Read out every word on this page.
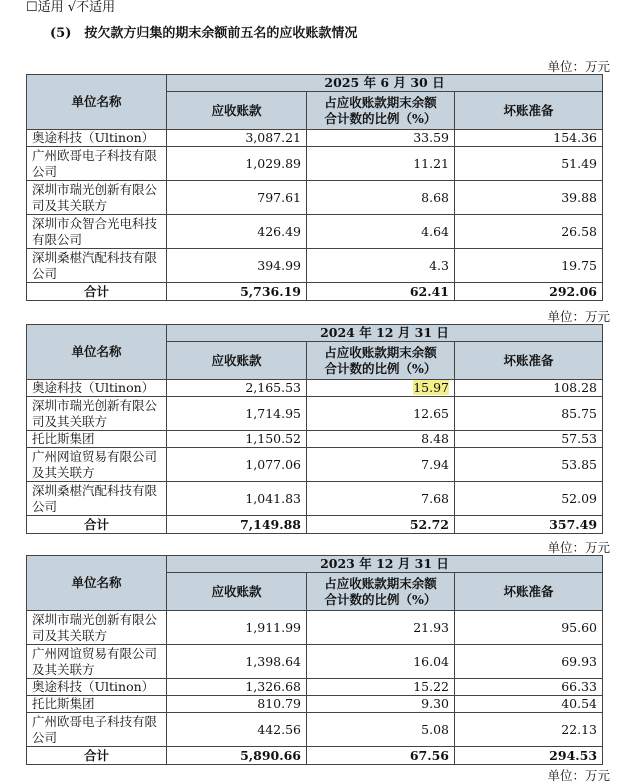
☐适用 √不适用
(5) 按欠款方归集的期末余额前五名的应收账款情况
单位：万元
单位名称	2025 年 6 月 30 日		
	应收账款	占应收账款期末余额
合计数的比例（%）	坏账准备
奥途科技（Ultinon）	3,087.21	33.59	154.36
广州欧哥电子科技有限公司	1,029.89	11.21	51.49
深圳市瑞光创新有限公司及其关联方	797.61	8.68	39.88
深圳市众智合光电科技有限公司	426.49	4.64	26.58
深圳桑椹汽配科技有限公司	394.99	4.3	19.75
合计	5,736.19	62.41	292.06
单位：万元
单位名称	2024 年 12 月 31 日		
	应收账款	占应收账款期末余额
合计数的比例（%）	坏账准备
奥途科技（Ultinon）	2,165.53	15.97	108.28
深圳市瑞光创新有限公司及其关联方	1,714.95	12.65	85.75
托比斯集团	1,150.52	8.48	57.53
广州网谊贸易有限公司及其关联方	1,077.06	7.94	53.85
深圳桑椹汽配科技有限公司	1,041.83	7.68	52.09
合计	7,149.88	52.72	357.49
单位：万元
单位名称	2023 年 12 月 31 日		
	应收账款	占应收账款期末余额
合计数的比例（%）	坏账准备
深圳市瑞光创新有限公司及其关联方	1,911.99	21.93	95.60
广州网谊贸易有限公司及其关联方	1,398.64	16.04	69.93
奥途科技（Ultinon）	1,326.68	15.22	66.33
托比斯集团	810.79	9.30	40.54
广州欧哥电子科技有限公司	442.56	5.08	22.13
合计	5,890.66	67.56	294.53
单位：万元
